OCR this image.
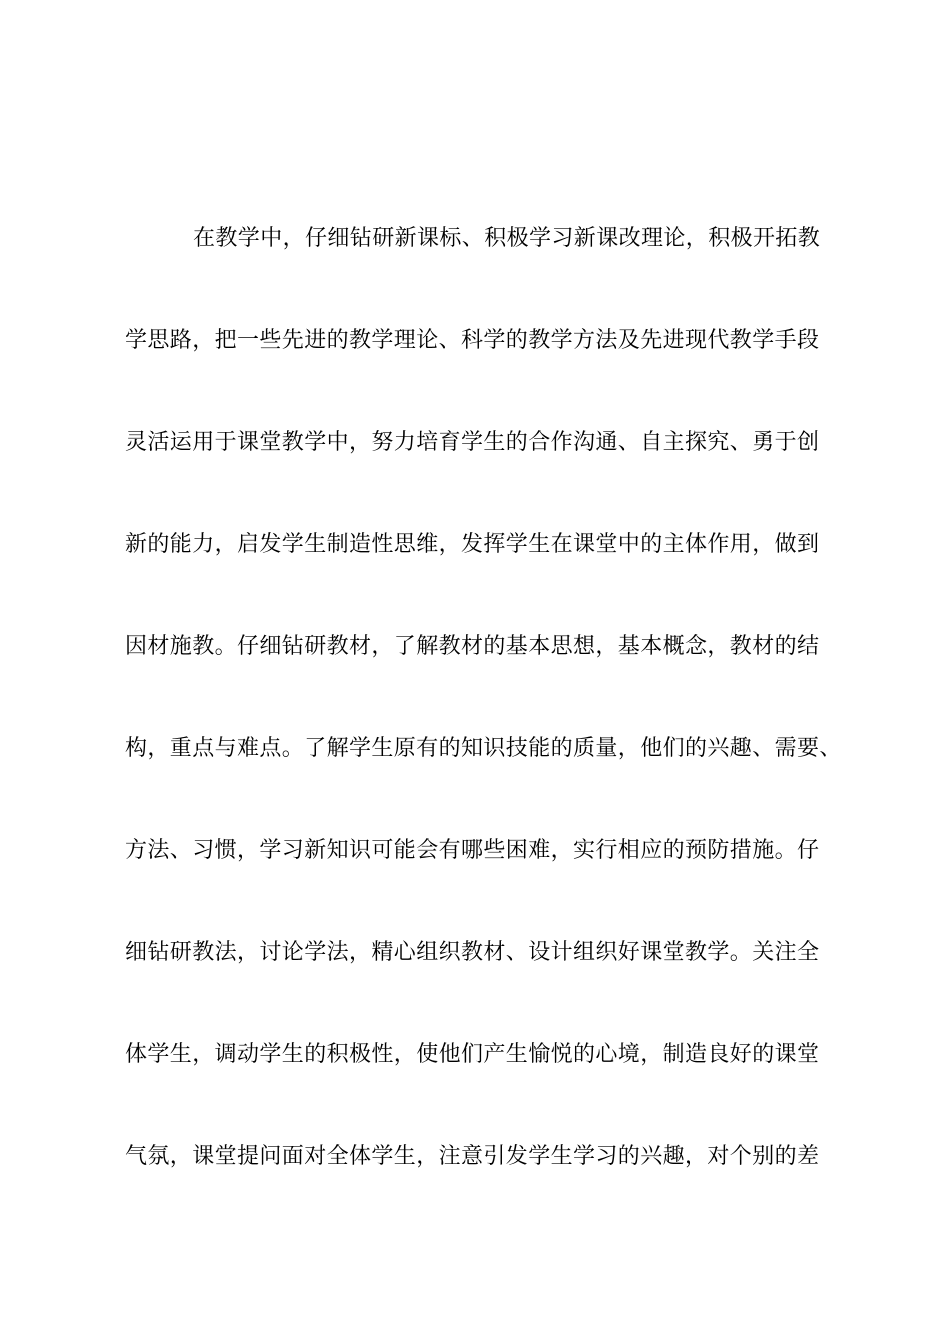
在教学中，仔细钻研新课标、积极学习新课改理论，积极开拓教
学思路，把一些先进的教学理论、科学的教学方法及先进现代教学手段
灵活运用于课堂教学中，努力培育学生的合作沟通、自主探究、勇于创
新的能力，启发学生制造性思维，发挥学生在课堂中的主体作用，做到
因材施教。仔细钻研教材，了解教材的基本思想，基本概念，教材的结
构，重点与难点。了解学生原有的知识技能的质量，他们的兴趣、需要、
方法、习惯，学习新知识可能会有哪些困难，实行相应的预防措施。仔
细钻研教法，讨论学法，精心组织教材、设计组织好课堂教学。关注全
体学生，调动学生的积极性，使他们产生愉悦的心境，制造良好的课堂
气氛，课堂提问面对全体学生，注意引发学生学习的兴趣，对个别的差
